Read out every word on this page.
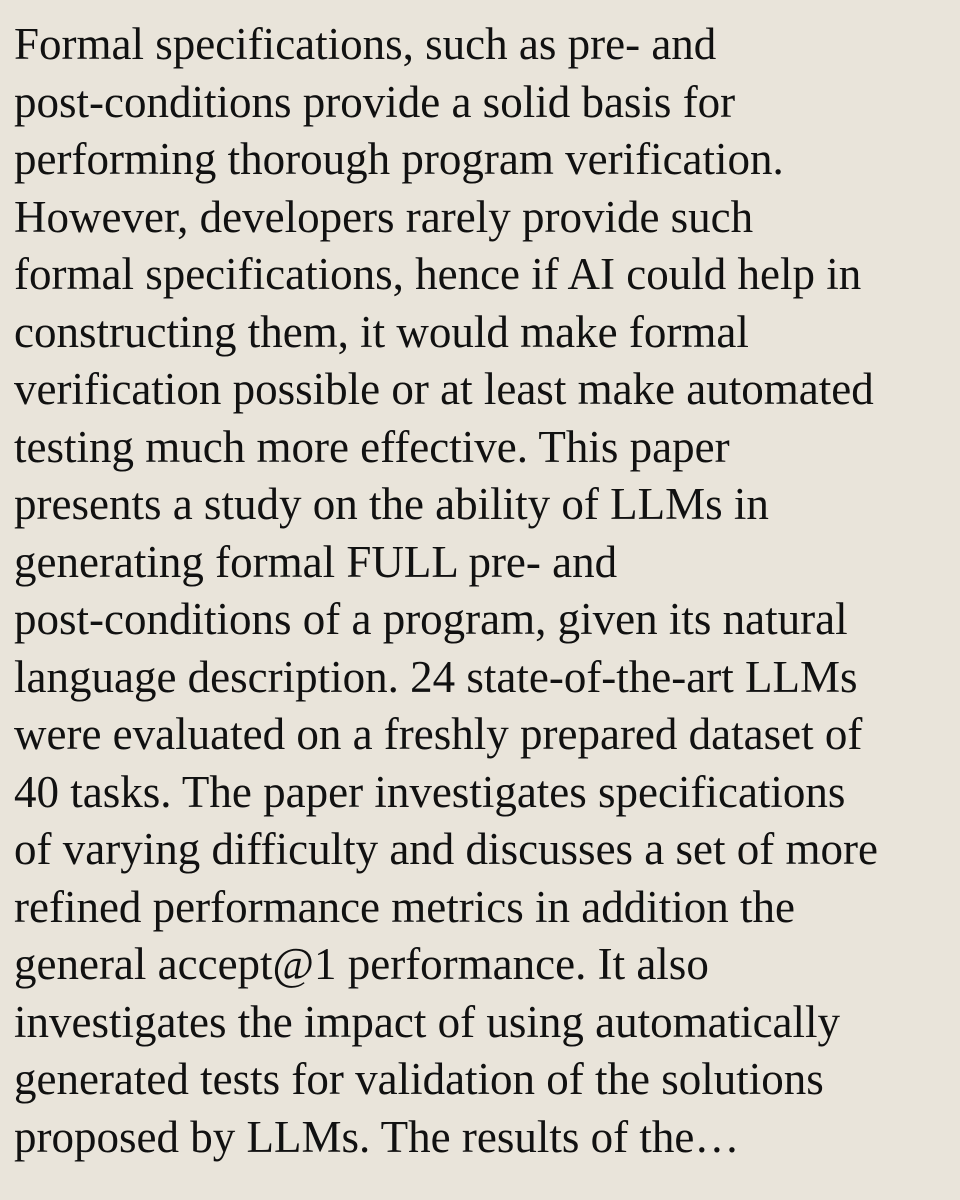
Formal specifications, such as pre- and
post-conditions provide a solid basis for
performing thorough program verification.
However, developers rarely provide such
formal specifications, hence if AI could help in
constructing them, it would make formal
verification possible or at least make automated
testing much more effective. This paper
presents a study on the ability of LLMs in
generating formal FULL pre- and
post-conditions of a program, given its natural
language description. 24 state-of-the-art LLMs
were evaluated on a freshly prepared dataset of
40 tasks. The paper investigates specifications
of varying difficulty and discusses a set of more
refined performance metrics in addition the
general accept@1 performance. It also
investigates the impact of using automatically
generated tests for validation of the solutions
proposed by LLMs. The results of the…
